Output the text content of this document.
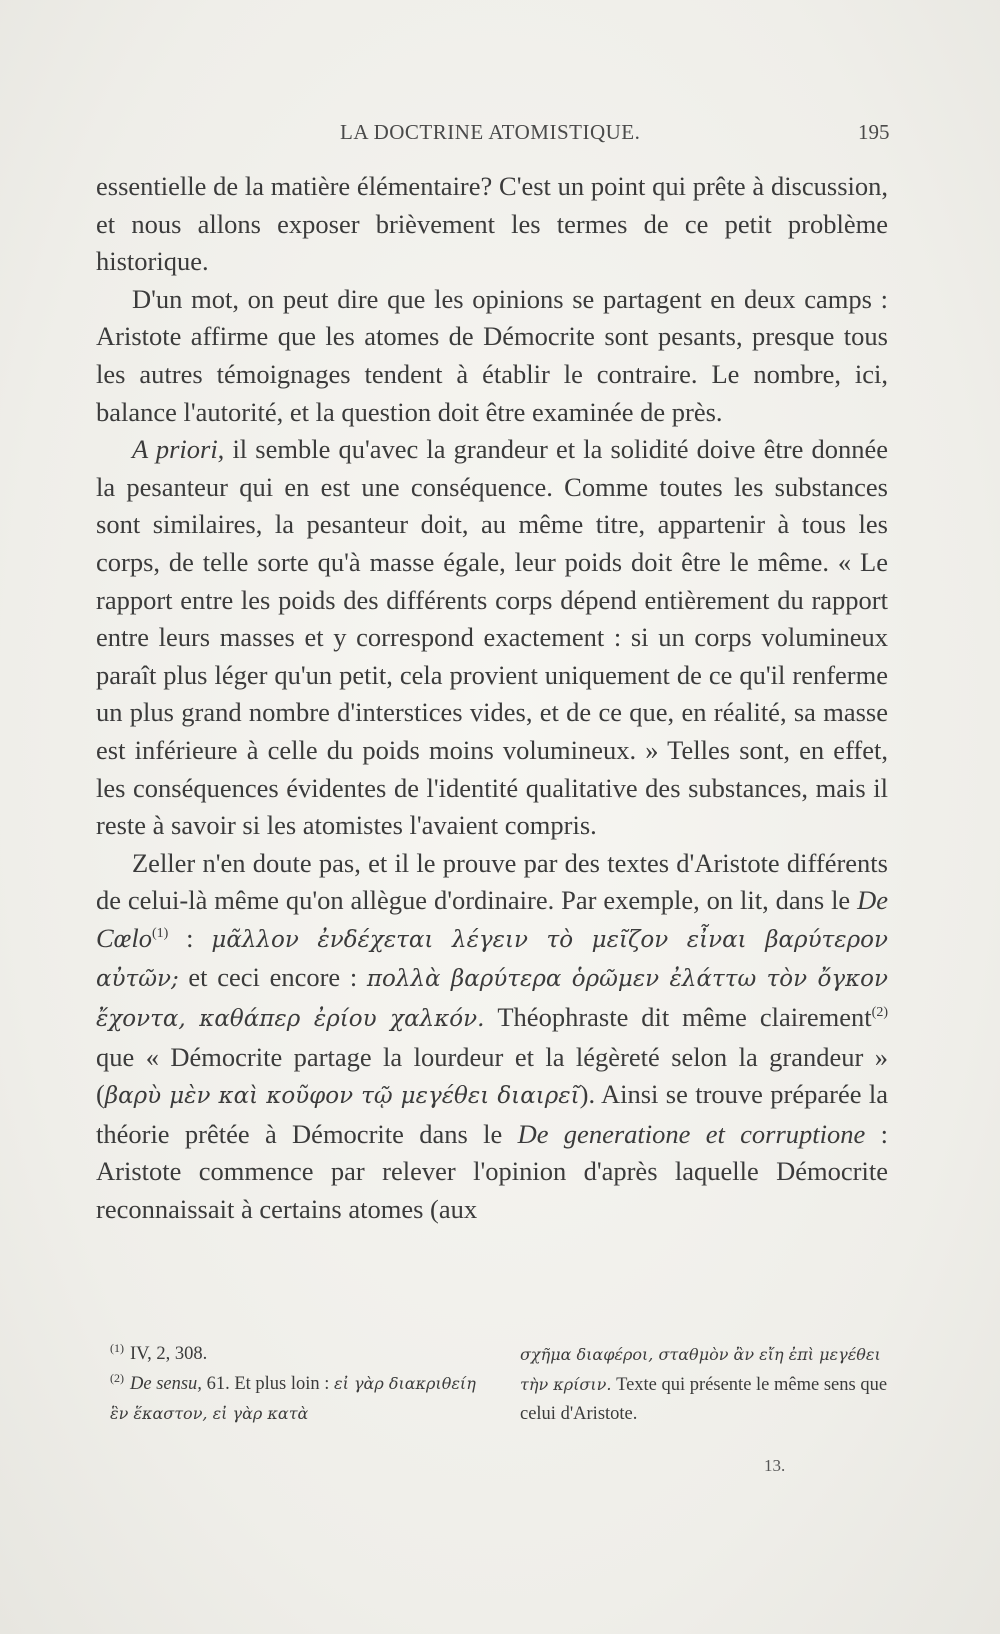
LA DOCTRINE ATOMISTIQUE.	195

essentielle de la matière élémentaire? C'est un point qui prête à discussion, et nous allons exposer brièvement les termes de ce petit problème historique.

D'un mot, on peut dire que les opinions se partagent en deux camps : Aristote affirme que les atomes de Démocrite sont pesants, presque tous les autres témoignages tendent à établir le contraire. Le nombre, ici, balance l'autorité, et la question doit être examinée de près.

A priori, il semble qu'avec la grandeur et la solidité doive être donnée la pesanteur qui en est une conséquence. Comme toutes les substances sont similaires, la pesanteur doit, au même titre, appartenir à tous les corps, de telle sorte qu'à masse égale, leur poids doit être le même. « Le rapport entre les poids des différents corps dépend entièrement du rapport entre leurs masses et y correspond exactement : si un corps volumineux paraît plus léger qu'un petit, cela provient uniquement de ce qu'il renferme un plus grand nombre d'interstices vides, et de ce que, en réalité, sa masse est inférieure à celle du poids moins volumineux. » Telles sont, en effet, les conséquences évidentes de l'identité qualitative des substances, mais il reste à savoir si les atomistes l'avaient compris.

Zeller n'en doute pas, et il le prouve par des textes d'Aristote différents de celui-là même qu'on allègue d'ordinaire. Par exemple, on lit, dans le De Cœlo$^{(1)}$ : μᾶλλον ἐνδέχεται λέγειν τὸ μεῖζον εἶναι βαρύτερον αὐτῶν; et ceci encore : πολλὰ βαρύτερα ὁρῶμεν ἐλάττω τὸν ὄγκον ἔχοντα, καθάπερ ἐρίου χαλκόν. Théophraste dit même clairement$^{(2)}$ que « Démocrite partage la lourdeur et la légèreté selon la grandeur » (βαρὺ μὲν καὶ κοῦφον τῷ μεγέθει διαιρεῖ). Ainsi se trouve préparée la théorie prêtée à Démocrite dans le De generatione et corruptione : Aristote commence par relever l'opinion d'après laquelle Démocrite reconnaissait à certains atomes (aux

$^{(1)}$ IV, 2, 308.

$^{(2)}$ De sensu, 61. Et plus loin : εἰ γὰρ διακριθείη ἓν ἕκαστον, εἰ γὰρ κατὰ

σχῆμα διαφέροι, σταθμὸν ἂν εἴη ἐπὶ μεγέθει τὴν κρίσιν. Texte qui présente le même sens que celui d'Aristote.

13.
